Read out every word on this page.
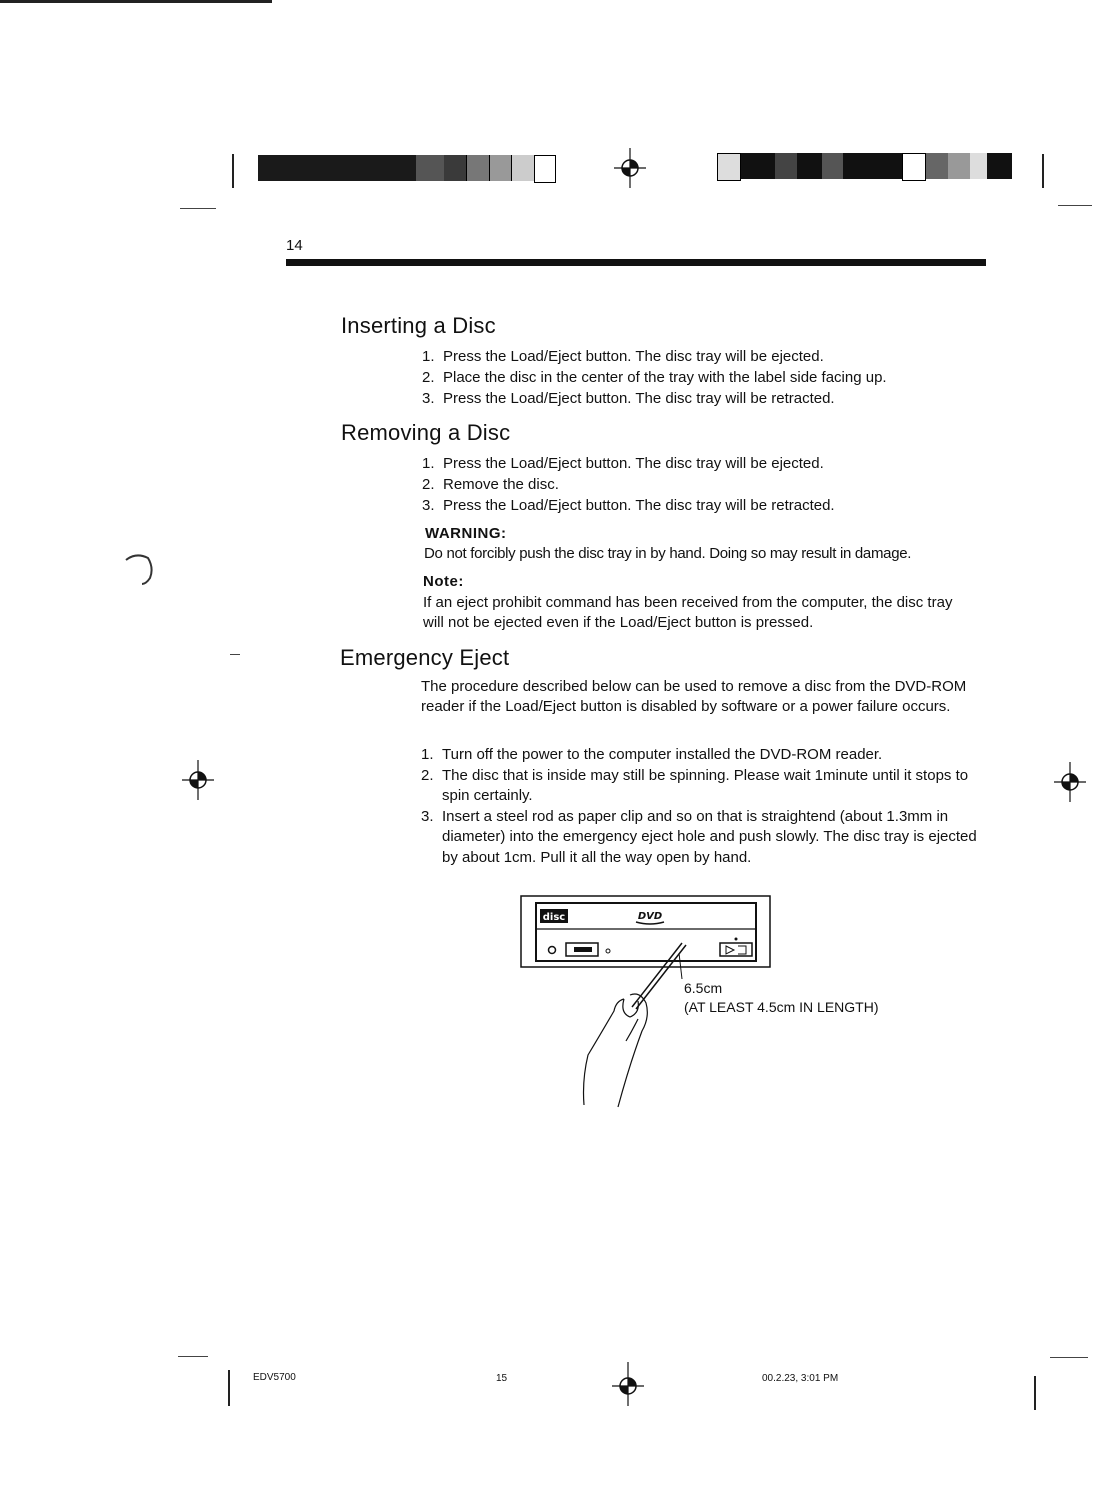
14
Inserting a Disc
1. Press the Load/Eject button. The disc tray will be ejected.
2. Place the disc in the center of the tray with the label side facing up.
3. Press the Load/Eject button. The disc tray will be retracted.
Removing a Disc
1. Press the Load/Eject button. The disc tray will be ejected.
2. Remove the disc.
3. Press the Load/Eject button. The disc tray will be retracted.
WARNING:
Do not forcibly push the disc tray in by hand. Doing so may result in damage.
Note:
If an eject prohibit command has been received from the computer, the disc tray will not be ejected even if the Load/Eject button is pressed.
Emergency Eject
The procedure described below can be used to remove a disc from the DVD-ROM reader if the Load/Eject button is disabled by software or a power failure occurs.
1. Turn off the power to the computer installed the DVD-ROM reader.
2. The disc that is inside may still be spinning. Please wait 1minute until it stops to spin certainly.
3. Insert a steel rod as paper clip and so on that is straightend (about 1.3mm in diameter) into the emergency eject hole and push slowly. The disc tray is ejected by about 1cm. Pull it all the way open by hand.
disc	DVD
6.5cm
(AT LEAST 4.5cm IN LENGTH)
EDV5700	15	00.2.23, 3:01 PM
